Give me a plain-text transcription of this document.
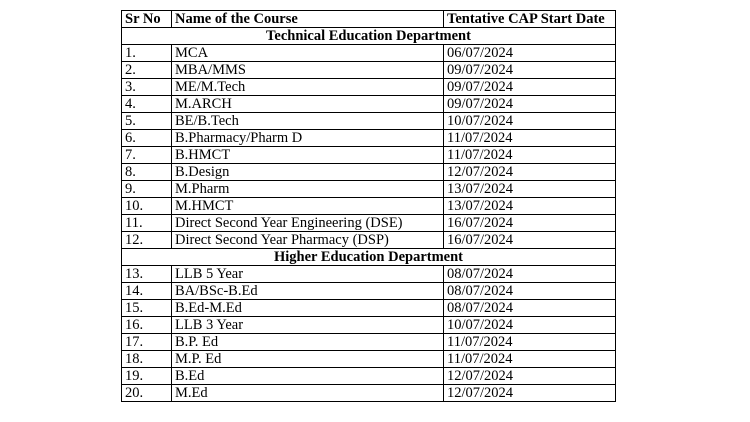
Sr No	Name of the Course	Tentative CAP Start Date
Technical Education Department		
1.	MCA	06/07/2024
2.	MBA/MMS	09/07/2024
3.	ME/M.Tech	09/07/2024
4.	M.ARCH	09/07/2024
5.	BE/B.Tech	10/07/2024
6.	B.Pharmacy/Pharm D	11/07/2024
7.	B.HMCT	11/07/2024
8.	B.Design	12/07/2024
9.	M.Pharm	13/07/2024
10.	M.HMCT	13/07/2024
11.	Direct Second Year Engineering (DSE)	16/07/2024
12.	Direct Second Year Pharmacy (DSP)	16/07/2024
Higher Education Department		
13.	LLB 5 Year	08/07/2024
14.	BA/BSc-B.Ed	08/07/2024
15.	B.Ed-M.Ed	08/07/2024
16.	LLB 3 Year	10/07/2024
17.	B.P. Ed	11/07/2024
18.	M.P. Ed	11/07/2024
19.	B.Ed	12/07/2024
20.	M.Ed	12/07/2024
